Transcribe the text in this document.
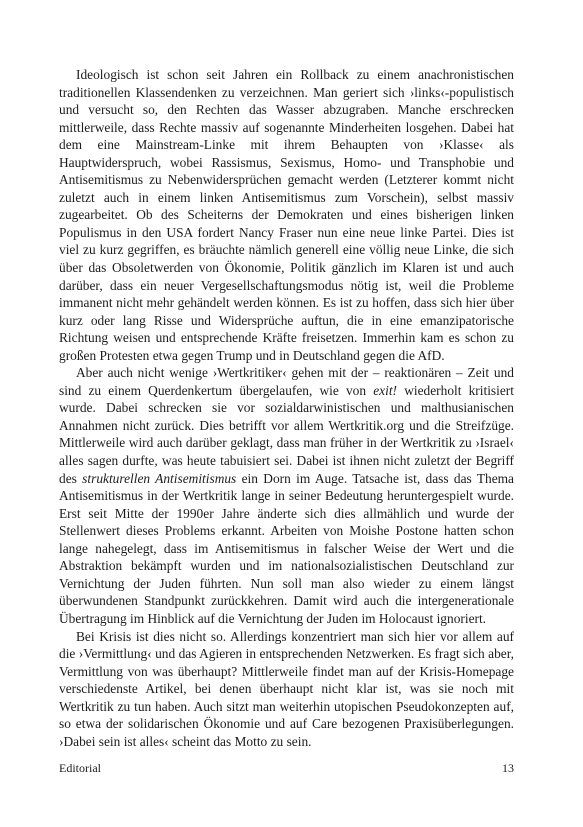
Ideologisch ist schon seit Jahren ein Rollback zu einem anachronistischen traditionellen Klassendenken zu verzeichnen. Man geriert sich ›links‹-populistisch und versucht so, den Rechten das Wasser abzugraben. Manche erschrecken mittlerweile, dass Rechte massiv auf sogenannte Minderheiten losgehen. Dabei hat dem eine Mainstream-Linke mit ihrem Behaupten von ›Klasse‹ als Hauptwiderspruch, wobei Rassismus, Sexismus, Homo- und Transphobie und Antisemitismus zu Nebenwidersprüchen gemacht werden (Letzterer kommt nicht zuletzt auch in einem linken Antisemitismus zum Vorschein), selbst massiv zugearbeitet. Ob des Scheiterns der Demokraten und eines bisherigen linken Populismus in den USA fordert Nancy Fraser nun eine neue linke Partei. Dies ist viel zu kurz gegriffen, es bräuchte nämlich generell eine völlig neue Linke, die sich über das Obsoletwerden von Ökonomie, Politik gänzlich im Klaren ist und auch darüber, dass ein neuer Vergesellschaftungsmodus nötig ist, weil die Probleme immanent nicht mehr gehändelt werden können. Es ist zu hoffen, dass sich hier über kurz oder lang Risse und Widersprüche auftun, die in eine emanzipatorische Richtung weisen und entsprechende Kräfte freisetzen. Immerhin kam es schon zu großen Protesten etwa gegen Trump und in Deutschland gegen die AfD.

Aber auch nicht wenige ›Wertkritiker‹ gehen mit der – reaktionären – Zeit und sind zu einem Querdenkertum übergelaufen, wie von exit! wiederholt kritisiert wurde. Dabei schrecken sie vor sozialdarwinistischen und malthusianischen Annahmen nicht zurück. Dies betrifft vor allem Wertkritik.org und die Streifzüge. Mittlerweile wird auch darüber geklagt, dass man früher in der Wertkritik zu ›Israel‹ alles sagen durfte, was heute tabuisiert sei. Dabei ist ihnen nicht zuletzt der Begriff des strukturellen Antisemitismus ein Dorn im Auge. Tatsache ist, dass das Thema Antisemitismus in der Wertkritik lange in seiner Bedeutung heruntergespielt wurde. Erst seit Mitte der 1990er Jahre änderte sich dies allmählich und wurde der Stellenwert dieses Problems erkannt. Arbeiten von Moishe Postone hatten schon lange nahegelegt, dass im Antisemitismus in falscher Weise der Wert und die Abstraktion bekämpft wurden und im nationalsozialistischen Deutschland zur Vernichtung der Juden führten. Nun soll man also wieder zu einem längst überwundenen Standpunkt zurückkehren. Damit wird auch die intergenerationale Übertragung im Hinblick auf die Vernichtung der Juden im Holocaust ignoriert.

Bei Krisis ist dies nicht so. Allerdings konzentriert man sich hier vor allem auf die ›Vermittlung‹ und das Agieren in entsprechenden Netzwerken. Es fragt sich aber, Vermittlung von was überhaupt? Mittlerweile findet man auf der Krisis-Homepage verschiedenste Artikel, bei denen überhaupt nicht klar ist, was sie noch mit Wertkritik zu tun haben. Auch sitzt man weiterhin utopischen Pseudokonzepten auf, so etwa der solidarischen Ökonomie und auf Care bezogenen Praxisüberlegungen. ›Dabei sein ist alles‹ scheint das Motto zu sein.

Editorial	13
